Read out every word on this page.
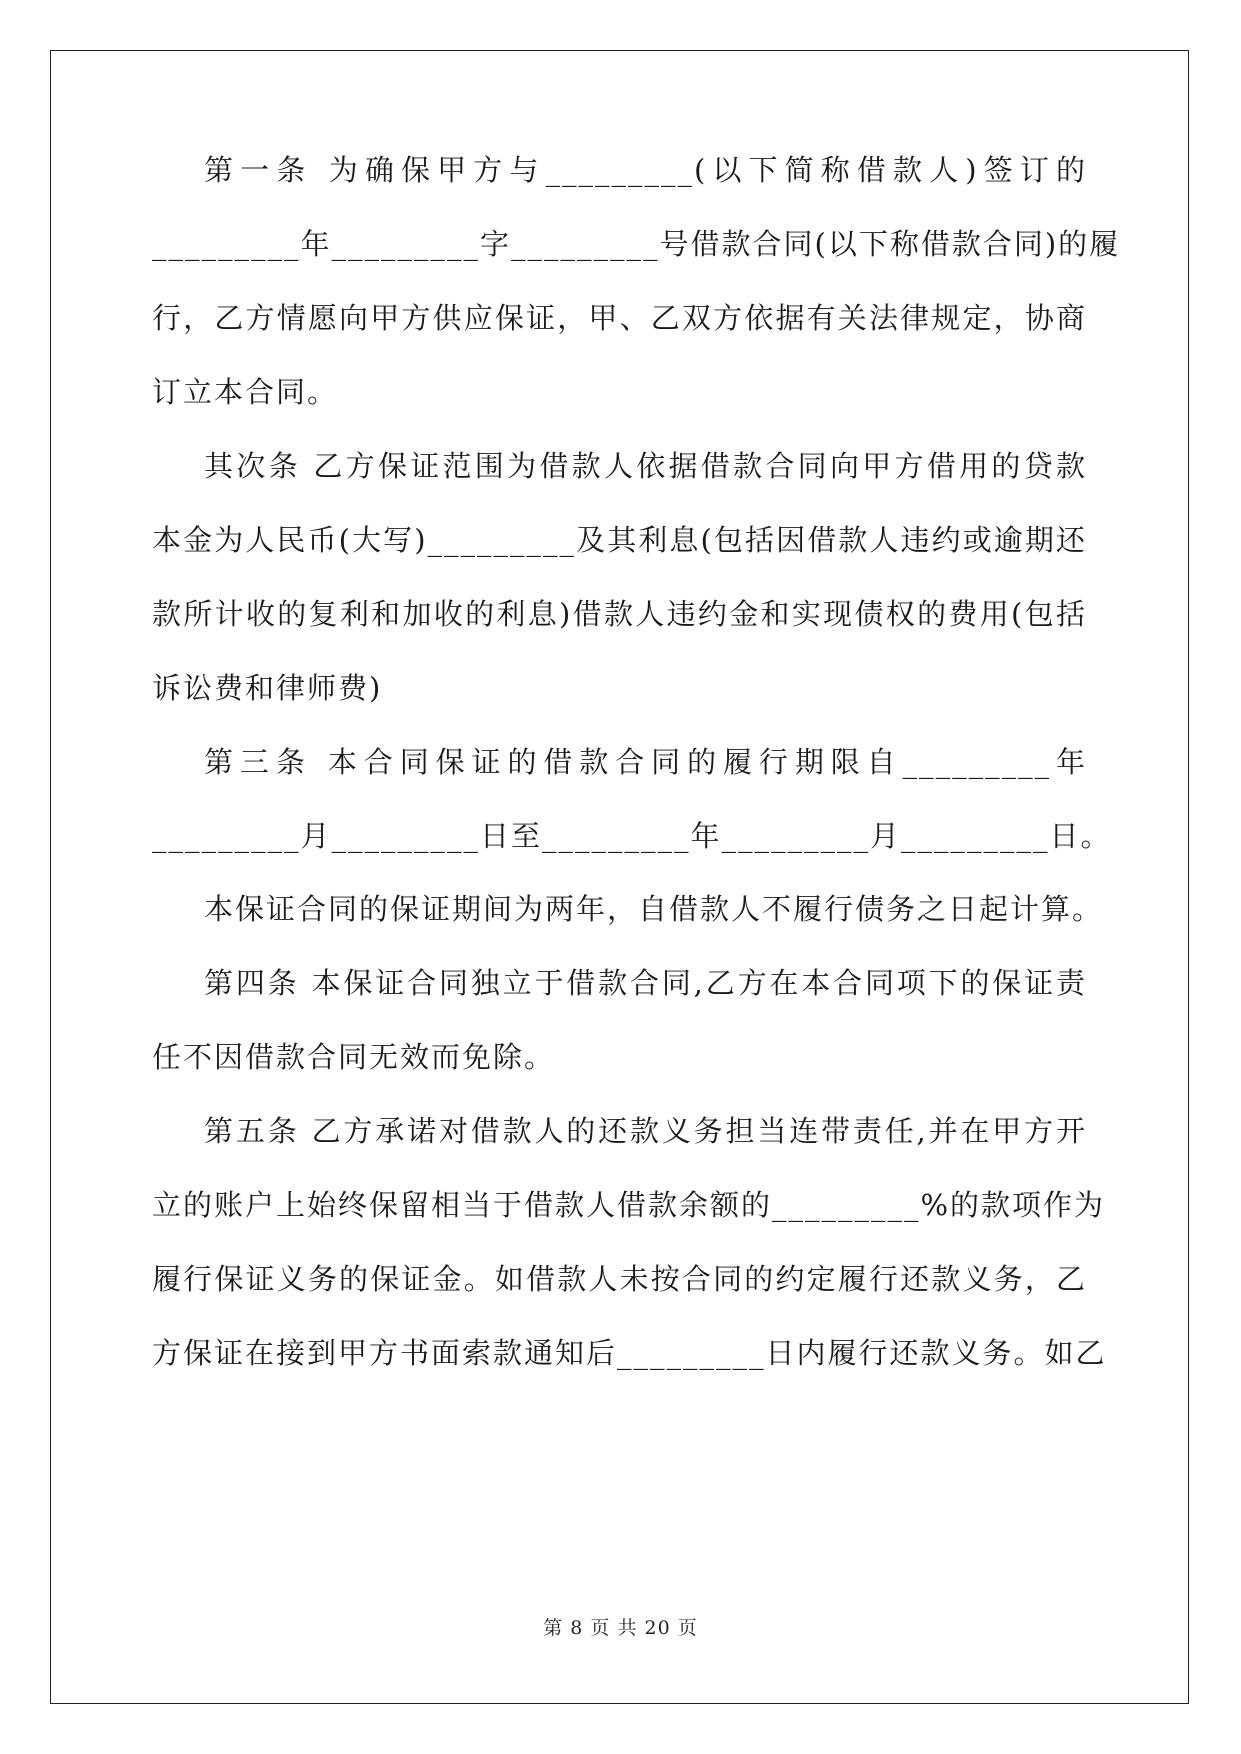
第一条 为确保甲方与_________(以下简称借款人)签订的
_________年_________字_________号借款合同(以下称借款合同)的履
行，乙方情愿向甲方供应保证，甲、乙双方依据有关法律规定，协商
订立本合同。
其次条 乙方保证范围为借款人依据借款合同向甲方借用的贷款
本金为人民币(大写)_________及其利息(包括因借款人违约或逾期还
款所计收的复利和加收的利息)借款人违约金和实现债权的费用(包括
诉讼费和律师费)
第三条 本合同保证的借款合同的履行期限自_________年
_________月_________日至_________年_________月_________日。
本保证合同的保证期间为两年，自借款人不履行债务之日起计算。
第四条 本保证合同独立于借款合同,乙方在本合同项下的保证责
任不因借款合同无效而免除。
第五条 乙方承诺对借款人的还款义务担当连带责任,并在甲方开
立的账户上始终保留相当于借款人借款余额的_________%的款项作为
履行保证义务的保证金。如借款人未按合同的约定履行还款义务，乙
方保证在接到甲方书面索款通知后_________日内履行还款义务。如乙
第 8 页 共 20 页
